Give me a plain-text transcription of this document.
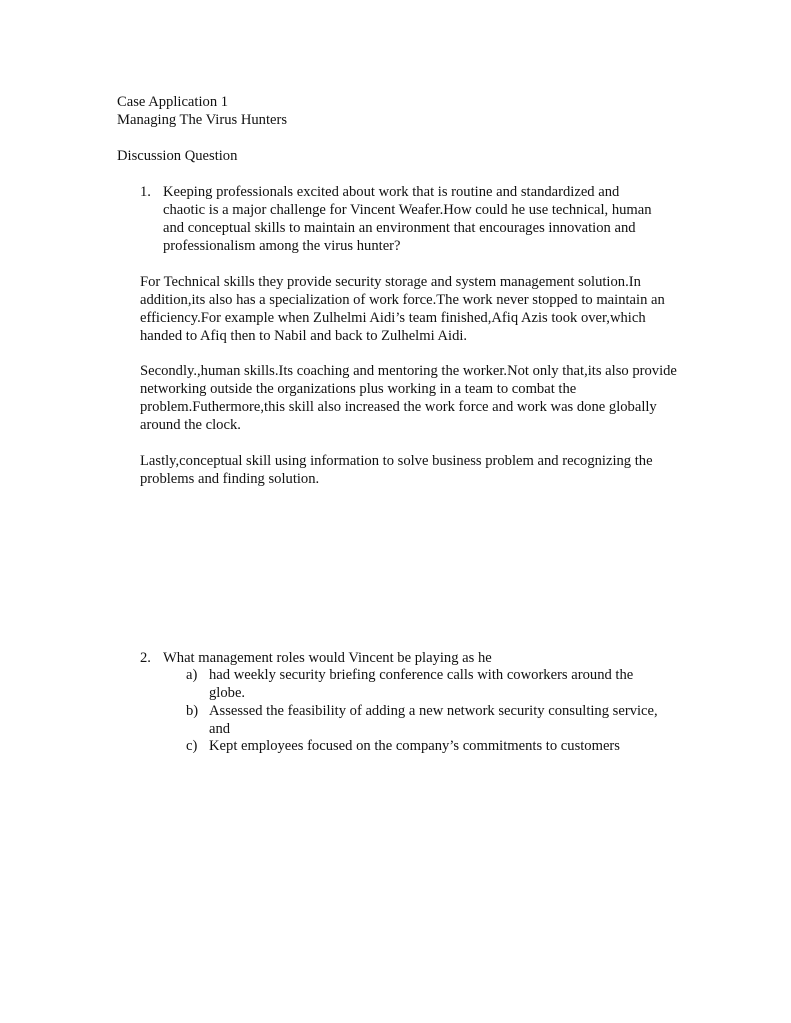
Case Application 1
Managing The Virus Hunters
Discussion Question
1. Keeping professionals excited about work that is routine and standardized and chaotic is a major challenge for Vincent Weafer.How could he use technical, human and conceptual skills to maintain an environment that encourages innovation and professionalism among the virus hunter?
For Technical skills they provide security storage and system management solution.In addition,its also has a specialization of work force.The work never stopped to maintain an efficiency.For example when Zulhelmi Aidi’s team finished,Afiq Azis took over,which handed to Afiq then to Nabil and back to Zulhelmi Aidi.
Secondly.,human skills.Its coaching and mentoring the worker.Not only that,its also provide networking outside the organizations plus working in a team to combat the problem.Futhermore,this skill also increased the work force and work was done globally around the clock.
Lastly,conceptual skill using information to solve business problem and recognizing the problems and finding solution.
2. What management roles would Vincent be playing as he
a) had weekly security briefing conference calls with coworkers around the globe.
b) Assessed the feasibility of adding a new network security consulting service, and
c) Kept employees focused on the company’s commitments to customers
